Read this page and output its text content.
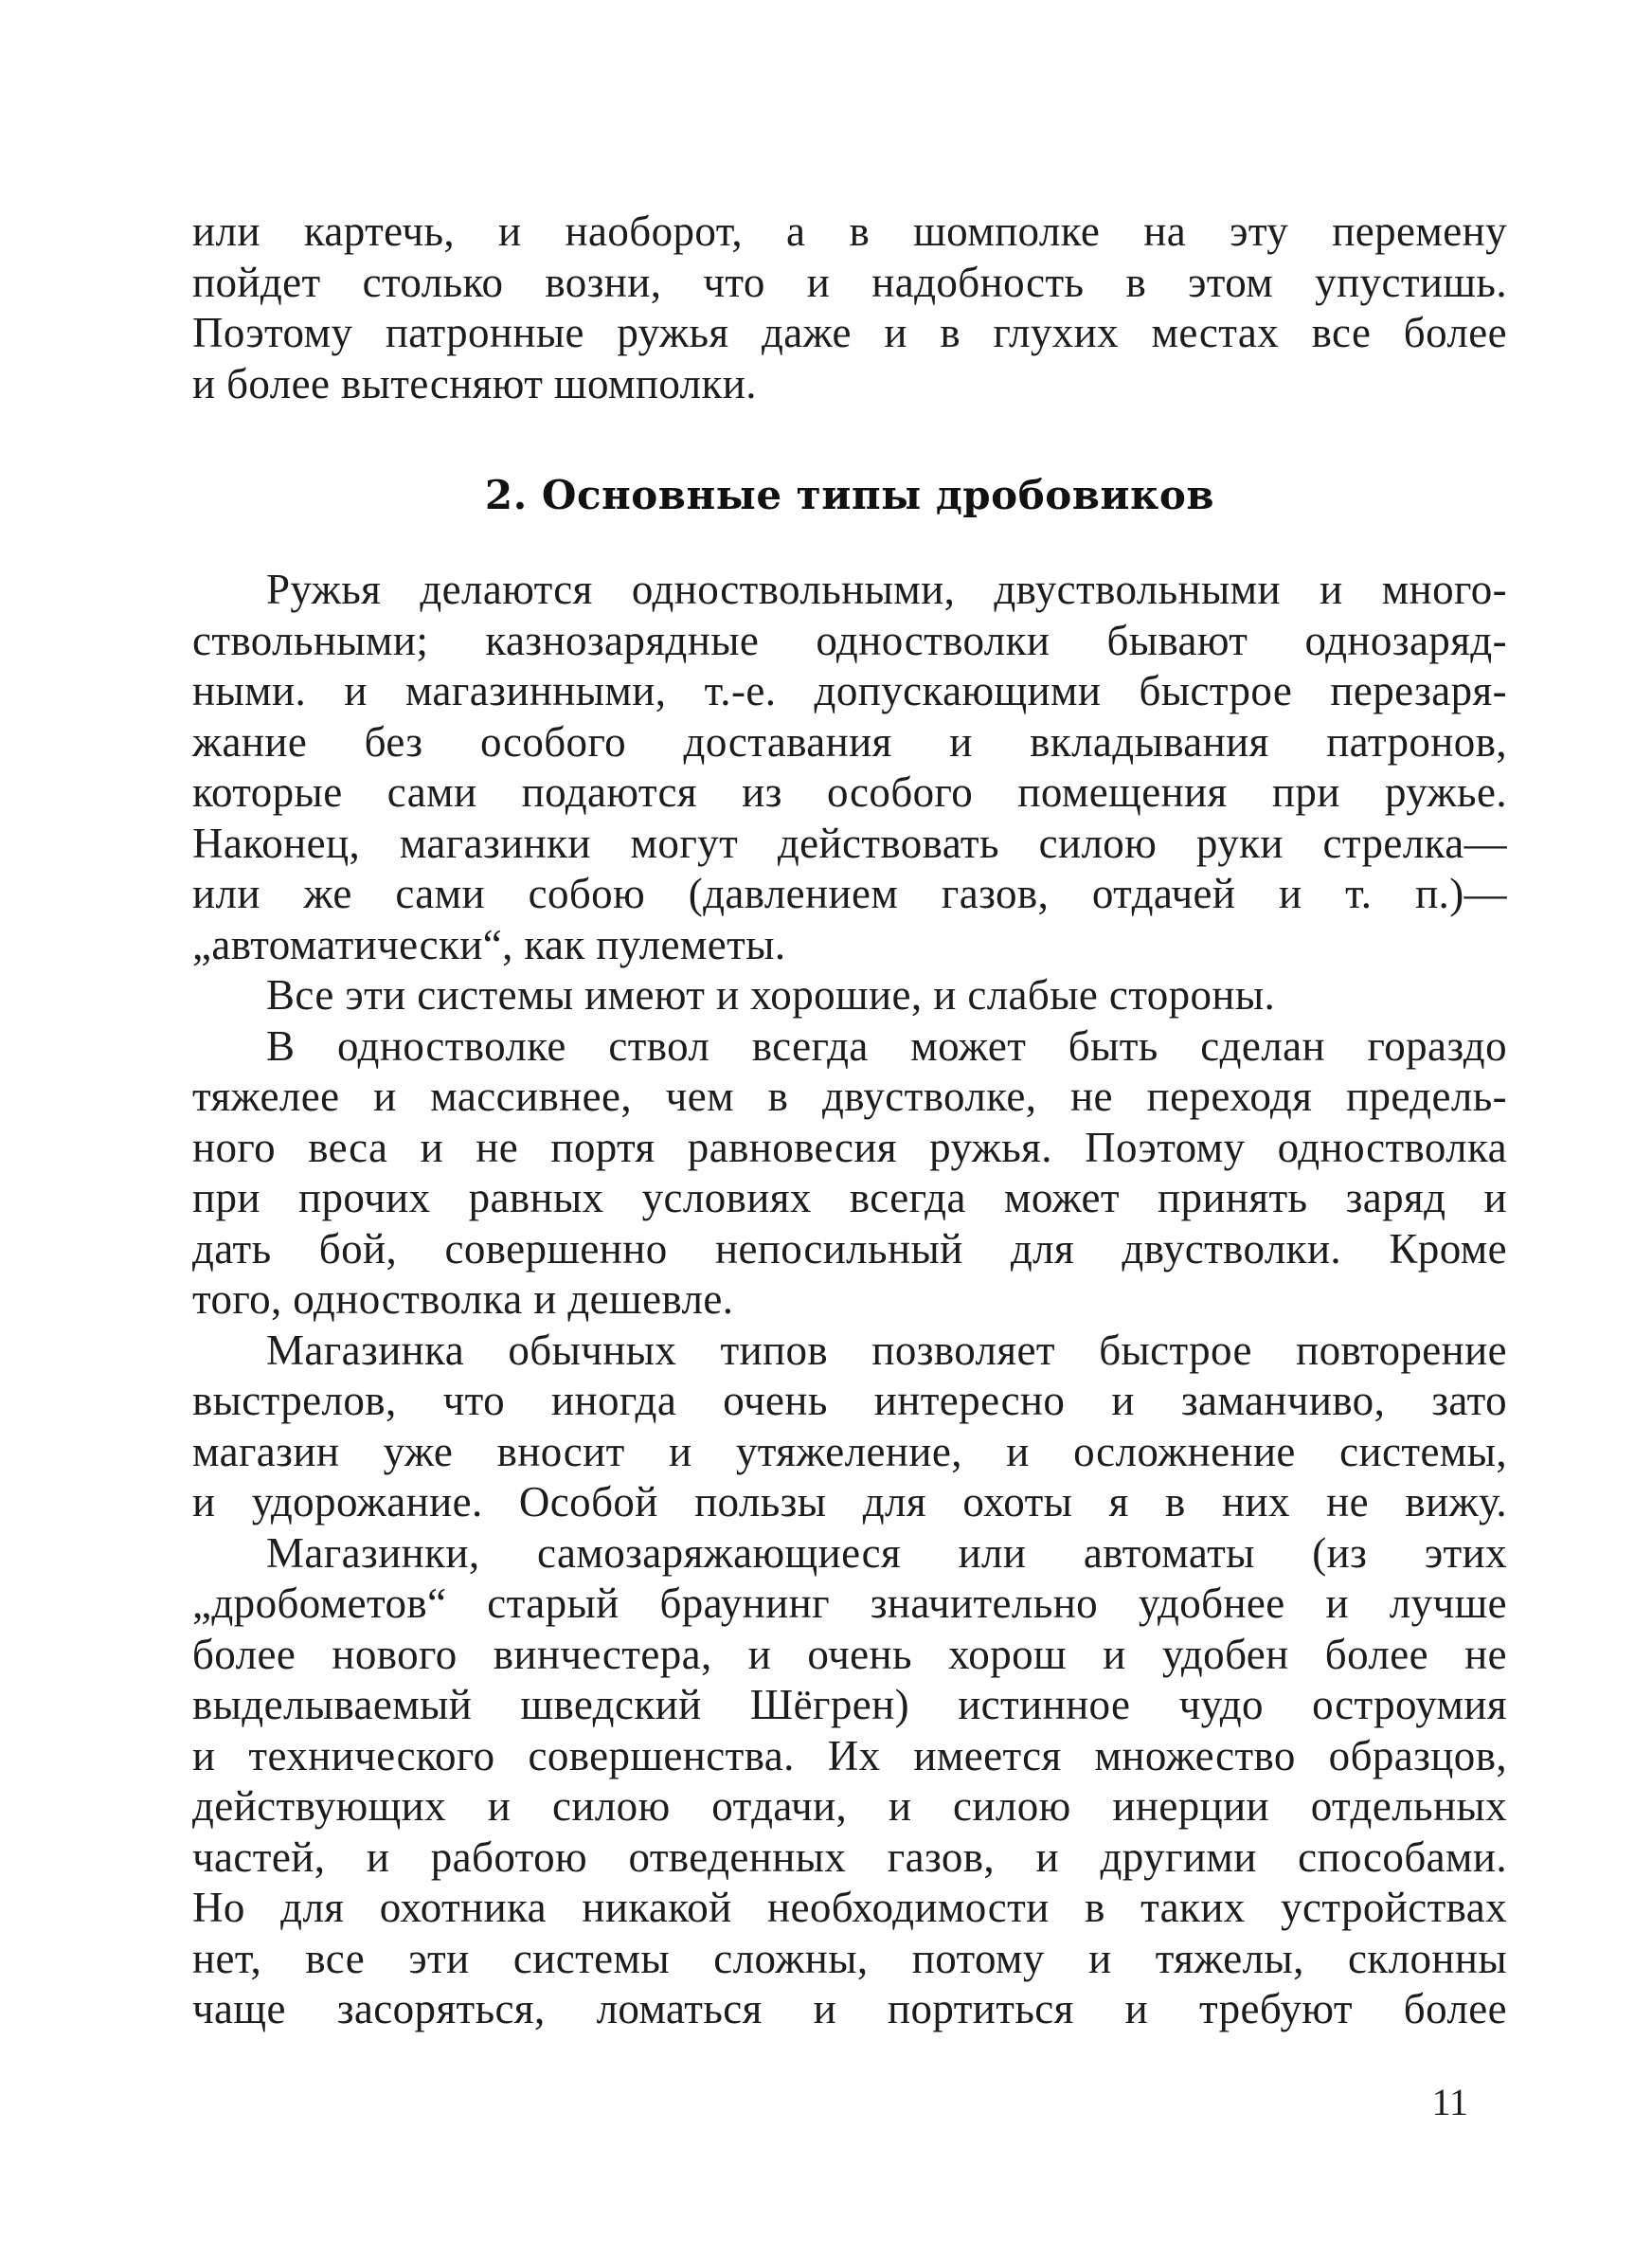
или картечь, и наоборот, а в шомполке на эту перемену
пойдет столько возни, что и надобность в этом упустишь.
Поэтому патронные ружья даже и в глухих местах все более
и более вытесняют шомполки.
2. Основные типы дробовиков
Ружья делаются одноствольными, двуствольными и много-
ствольными; казнозарядные одностволки бывают однозаряд-
ными. и магазинными, т.-е. допускающими быстрое перезаря-
жание без особого доставания и вкладывания патронов,
которые сами подаются из особого помещения при ружье.
Наконец, магазинки могут действовать силою руки стрелка—
или же сами собою (давлением газов, отдачей и т. п.)—
„автоматически“, как пулеметы.
Все эти системы имеют и хорошие, и слабые стороны.
В одностволке ствол всегда может быть сделан гораздо
тяжелее и массивнее, чем в двустволке, не переходя предель-
ного веса и не портя равновесия ружья. Поэтому одностволка
при прочих равных условиях всегда может принять заряд и
дать бой, совершенно непосильный для двустволки. Кроме
того, одностволка и дешевле.
Магазинка обычных типов позволяет быстрое повторение
выстрелов, что иногда очень интересно и заманчиво, зато
магазин уже вносит и утяжеление, и осложнение системы,
и удорожание. Особой пользы для охоты я в них не вижу.
Магазинки, самозаряжающиеся или автоматы (из этих
„дробометов“ старый браунинг значительно удобнее и лучше
более нового винчестера, и очень хорош и удобен более не
выделываемый шведский Шёгрен) истинное чудо остроумия
и технического совершенства. Их имеется множество образцов,
действующих и силою отдачи, и силою инерции отдельных
частей, и работою отведенных газов, и другими способами.
Но для охотника никакой необходимости в таких устройствах
нет, все эти системы сложны, потому и тяжелы, склонны
чаще засоряться, ломаться и портиться и требуют более
11
